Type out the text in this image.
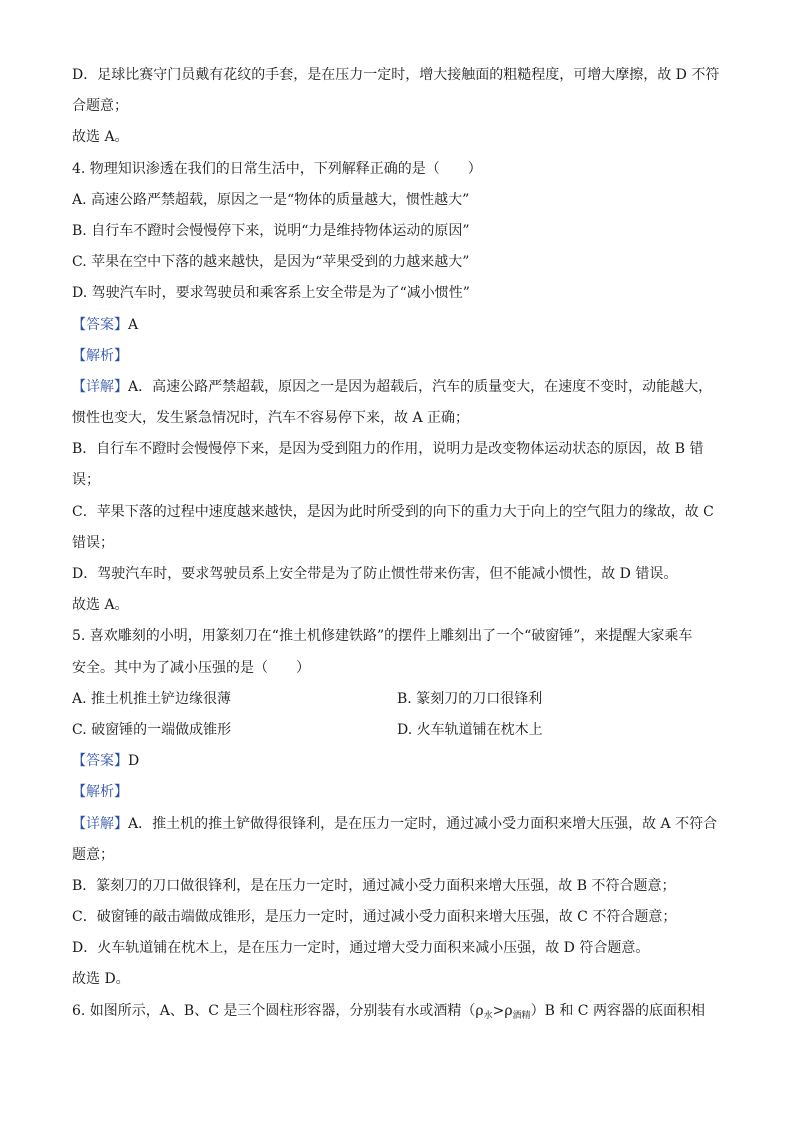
D．足球比赛守门员戴有花纹的手套，是在压力一定时，增大接触面的粗糙程度，可增大摩擦，故 D 不符
合题意；
故选 A。
4. 物理知识渗透在我们的日常生活中，下列解释正确的是（　　）
A. 高速公路严禁超载，原因之一是“物体的质量越大，惯性越大”
B. 自行车不蹬时会慢慢停下来，说明“力是维持物体运动的原因”
C. 苹果在空中下落的越来越快，是因为“苹果受到的力越来越大”
D. 驾驶汽车时，要求驾驶员和乘客系上安全带是为了“减小惯性”
【答案】A
【解析】
【详解】A．高速公路严禁超载，原因之一是因为超载后，汽车的质量变大，在速度不变时，动能越大，
惯性也变大，发生紧急情况时，汽车不容易停下来，故 A 正确；
B．自行车不蹬时会慢慢停下来，是因为受到阻力的作用，说明力是改变物体运动状态的原因，故 B 错
误；
C．苹果下落的过程中速度越来越快，是因为此时所受到的向下的重力大于向上的空气阻力的缘故，故 C
错误；
D．驾驶汽车时，要求驾驶员系上安全带是为了防止惯性带来伤害，但不能减小惯性，故 D 错误。
故选 A。
5. 喜欢雕刻的小明，用篆刻刀在“推土机修建铁路”的摆件上雕刻出了一个“破窗锤”，来提醒大家乘车
安全。其中为了减小压强的是（　　）
A. 推土机推土铲边缘很薄	B. 篆刻刀的刀口很锋利
C. 破窗锤的一端做成锥形	D. 火车轨道铺在枕木上
【答案】D
【解析】
【详解】A．推土机的推土铲做得很锋利，是在压力一定时，通过减小受力面积来增大压强，故 A 不符合
题意；
B．篆刻刀的刀口做很锋利，是在压力一定时，通过减小受力面积来增大压强，故 B 不符合题意；
C．破窗锤的敲击端做成锥形，是压力一定时，通过减小受力面积来增大压强，故 C 不符合题意；
D．火车轨道铺在枕木上，是在压力一定时，通过增大受力面积来减小压强，故 D 符合题意。
故选 D。
6. 如图所示，A、B、C 是三个圆柱形容器，分别装有水或酒精$(\rho_水>\rho_{酒精})B$ 和 C 两容器的底面积相
